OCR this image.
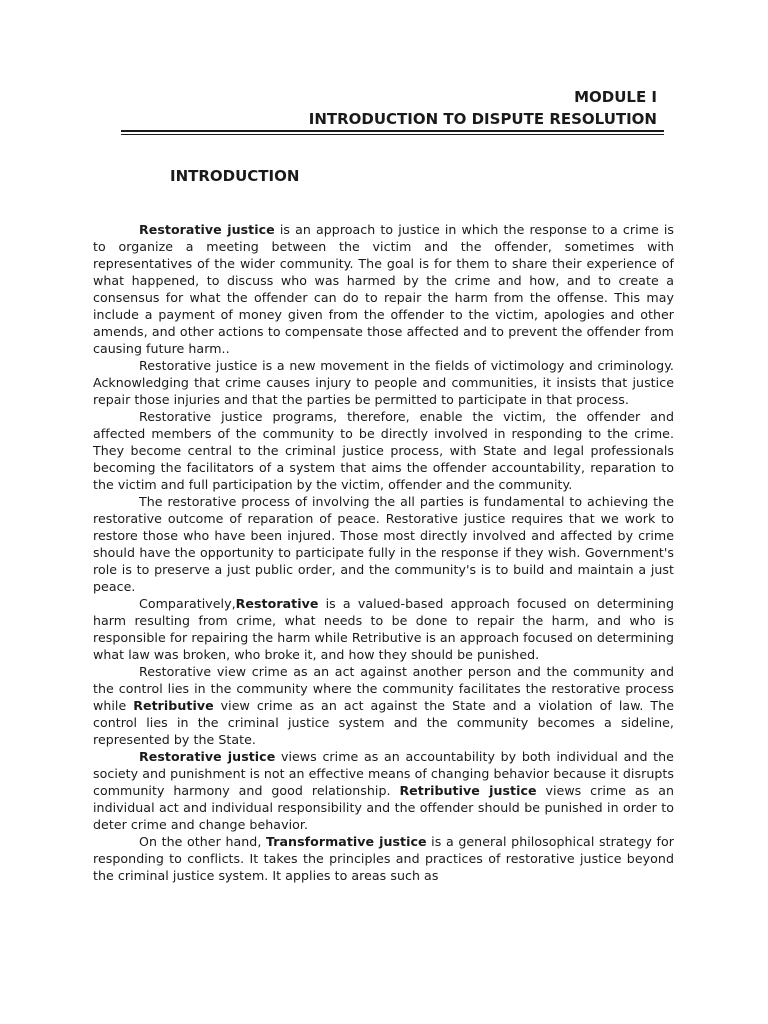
MODULE I
INTRODUCTION TO DISPUTE RESOLUTION
INTRODUCTION

Restorative justice is an approach to justice in which the response to a crime is to organize a meeting between the victim and the offender, sometimes with representatives of the wider community. The goal is for them to share their experience of what happened, to discuss who was harmed by the crime and how, and to create a consensus for what the offender can do to repair the harm from the offense. This may include a payment of money given from the offender to the victim, apologies and other amends, and other actions to compensate those affected and to prevent the offender from causing future harm..

Restorative justice is a new movement in the fields of victimology and criminology. Acknowledging that crime causes injury to people and communities, it insists that justice repair those injuries and that the parties be permitted to participate in that process.

Restorative justice programs, therefore, enable the victim, the offender and affected members of the community to be directly involved in responding to the crime. They become central to the criminal justice process, with State and legal professionals becoming the facilitators of a system that aims the offender accountability, reparation to the victim and full participation by the victim, offender and the community.

The restorative process of involving the all parties is fundamental to achieving the restorative outcome of reparation of peace. Restorative justice requires that we work to restore those who have been injured. Those most directly involved and affected by crime should have the opportunity to participate fully in the response if they wish. Government's role is to preserve a just public order, and the community's is to build and maintain a just peace.

Comparatively,Restorative is a valued-based approach focused on determining harm resulting from crime, what needs to be done to repair the harm, and who is responsible for repairing the harm while Retributive is an approach focused on determining what law was broken, who broke it, and how they should be punished.

Restorative view crime as an act against another person and the community and the control lies in the community where the community facilitates the restorative process while Retributive view crime as an act against the State and a violation of law. The control lies in the criminal justice system and the community becomes a sideline, represented by the State.

Restorative justice views crime as an accountability by both individual and the society and punishment is not an effective means of changing behavior because it disrupts community harmony and good relationship. Retributive justice views crime as an individual act and individual responsibility and the offender should be punished in order to deter crime and change behavior.

On the other hand, Transformative justice is a general philosophical strategy for responding to conflicts. It takes the principles and practices of restorative justice beyond the criminal justice system. It applies to areas such as
